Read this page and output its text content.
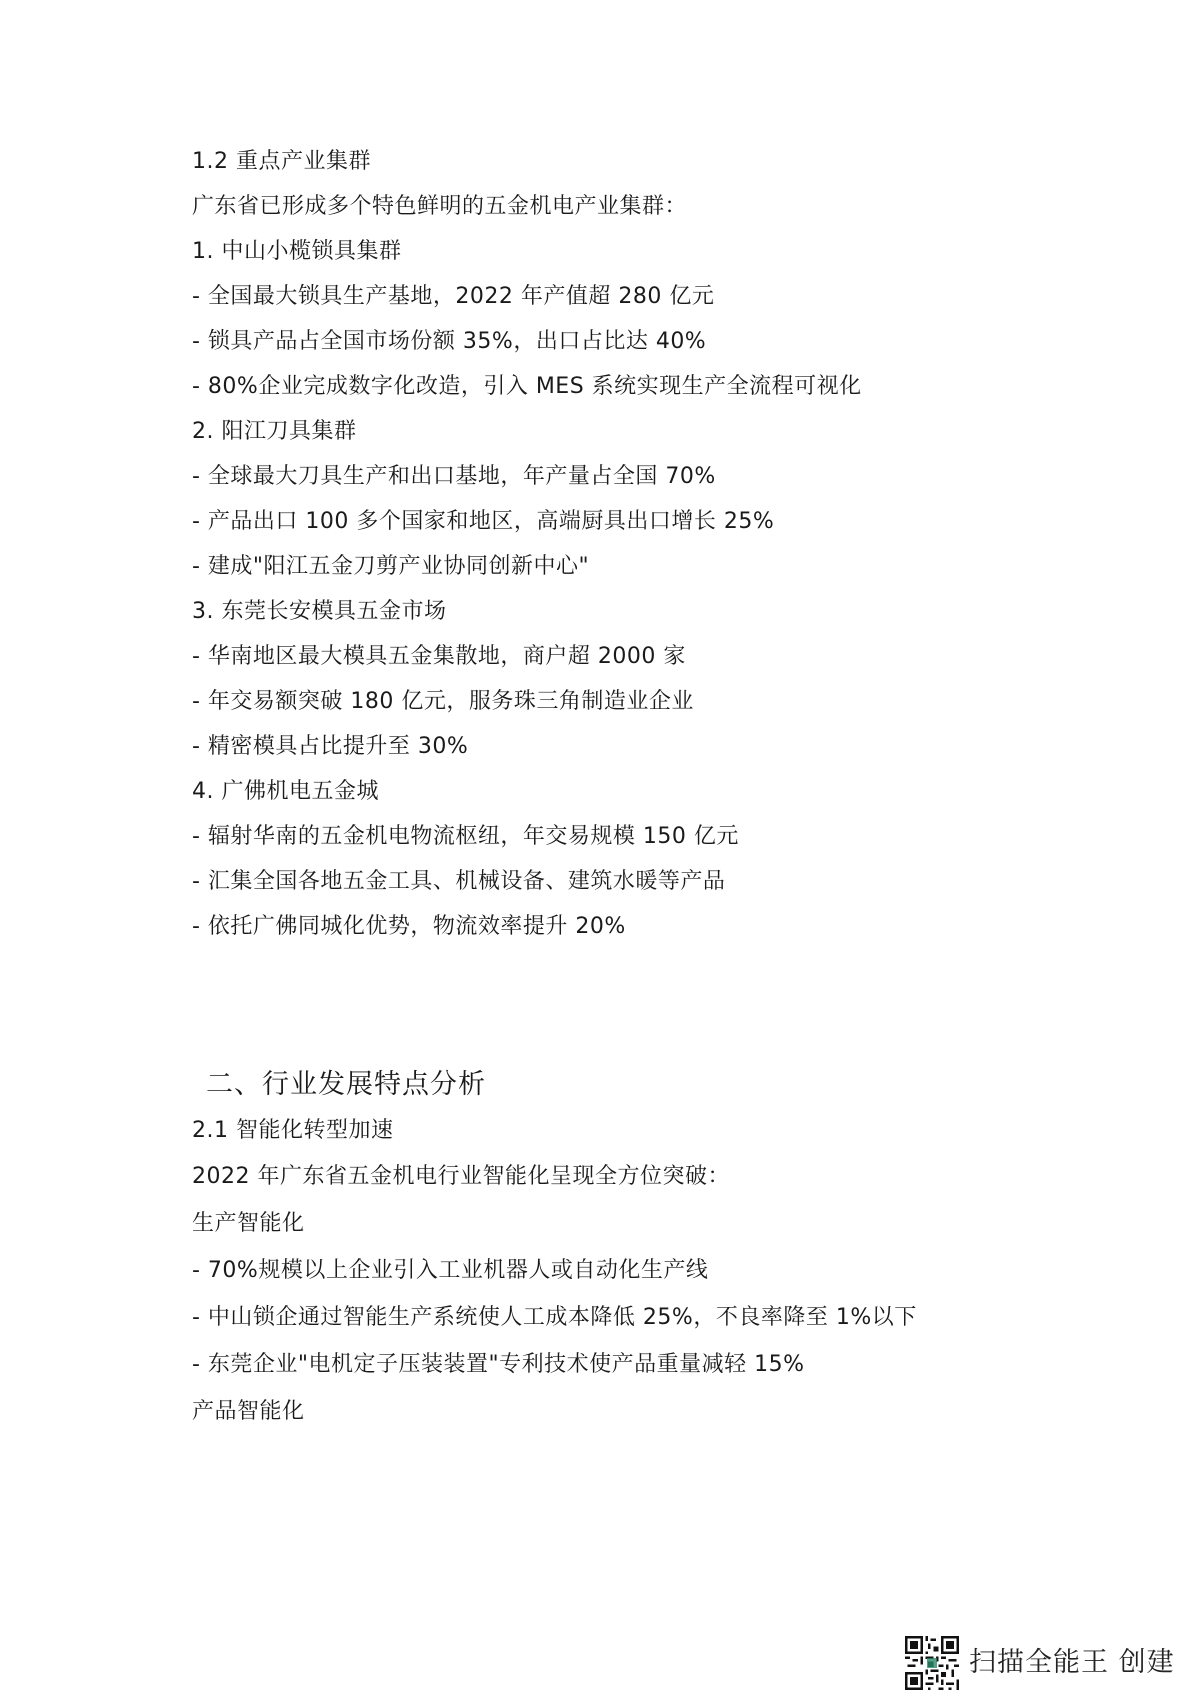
1.2 重点产业集群
广东省已形成多个特色鲜明的五金机电产业集群：
1. 中山小榄锁具集群
- 全国最大锁具生产基地，2022 年产值超 280 亿元
- 锁具产品占全国市场份额 35%，出口占比达 40%
- 80%企业完成数字化改造，引入 MES 系统实现生产全流程可视化
2. 阳江刀具集群
- 全球最大刀具生产和出口基地，年产量占全国 70%
- 产品出口 100 多个国家和地区，高端厨具出口增长 25%
- 建成"阳江五金刀剪产业协同创新中心"
3. 东莞长安模具五金市场
- 华南地区最大模具五金集散地，商户超 2000 家
- 年交易额突破 180 亿元，服务珠三角制造业企业
- 精密模具占比提升至 30%
4. 广佛机电五金城
- 辐射华南的五金机电物流枢纽，年交易规模 150 亿元
- 汇集全国各地五金工具、机械设备、建筑水暖等产品
- 依托广佛同城化优势，物流效率提升 20%
二、行业发展特点分析
2.1 智能化转型加速
2022 年广东省五金机电行业智能化呈现全方位突破：
生产智能化
- 70%规模以上企业引入工业机器人或自动化生产线
- 中山锁企通过智能生产系统使人工成本降低 25%，不良率降至 1%以下
- 东莞企业"电机定子压装装置"专利技术使产品重量减轻 15%
产品智能化
扫描全能王 创建
